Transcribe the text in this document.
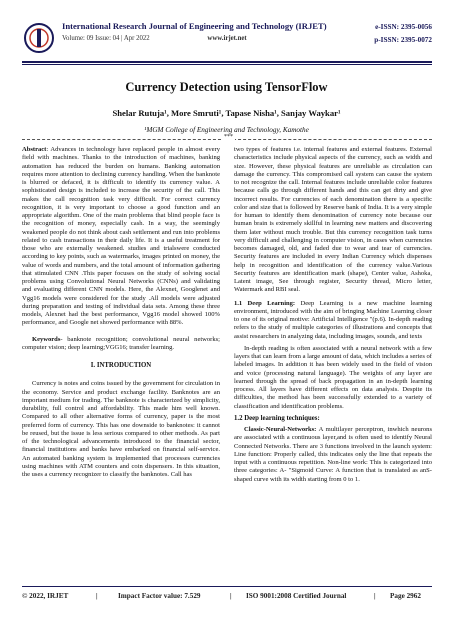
International Research Journal of Engineering and Technology (IRJET)
Volume: 09 Issue: 04 | Apr 2022	www.irjet.net
e-ISSN: 2395-0056
p-ISSN: 2395-0072
Currency Detection using TensorFlow
Shelar Rutuja¹, More Smruti¹, Tapase Nisha¹, Sanjay Waykar¹
¹MGM College of Engineering and Technology, Kamothe
***

Abstract: Advances in technology have replaced people in almost every field with machines. Thanks to the introduction of machines, banking automation has reduced the burden on humans. Banking automation requires more attention to declining currency handling. When the banknote is blurred or defaced, it is difficult to identify its currency value. A sophisticated design is included to increase the security of the call. This makes the call recognition task very difficult. For correct currency recognition, it is very important to choose a good function and an appropriate algorithm. One of the main problems that blind people face is the recognition of money, especially cash. In a way, the seemingly weakened people do not think about cash settlement and run into problems related to cash transactions in their daily life. It is a useful treatment for those who are externally weakened. studies and trialswere conducted according to key points, such as watermarks, images printed on money, the value of words and numbers, and the total amount of information gathering that stimulated CNN .This paper focuses on the study of solving social problems using Convolutional Neural Networks (CNNs) and validating and evaluating different CNN models. Here, the Alexnet, Googlenet and Vgg16 models were considered for the study .All models were adjusted during preparation and testing of individual data sets. Among these three models, Alexnet had the best performance, Vgg16 model showed 100% performance, and Google net showed performance with 88%.

Keywords- banknote recognition; convolutional neural networks; computer vision; deep learning;VGG16; transfer learning.

I. INTRODUCTION

Currency is notes and coins issued by the government for circulation in the economy. Service and product exchange facility. Banknotes are an important medium for trading. The banknote is characterized by simplicity, durability, full control and affordability. This made him well known. Compared to all other alternative forms of currency, paper is the most preferred form of currency. This has one downside to banknotes: it cannot be reused, but the issue is less serious compared to other methods. As part of the technological advancements introduced to the financial sector, financial institutions and banks have embarked on financial self-service. An automated banking system is implemented that processes currencies using machines with ATM counters and coin dispensers. In this situation, the uses a currency recognizer to classify the banknotes. Call has

two types of features i.e. internal features and external features. External characteristics include physical aspects of the currency, such as width and size. However, these physical features are unreliable as circulation can damage the currency. This compromised call system can cause the system to not recognize the call. Internal features include unreliable color features because calls go through different hands and this can get dirty and give incorrect results. For currencies of each denomination there is a specific color and size that is followed by Reserve bank of India. It is a very simple for human to identify them denomination of currency note because our human brain is extremely skillful in learning new matters and discovering them later without much trouble. But this currency recognition task turns very difficult and challenging in computer vision, in cases when currencies becomes damaged, old, and faded due to wear and tear of currencies. Security features are included in every Indian Currency which dispenses help in recognition and identification of the currency value.Various Security features are identification mark (shape), Center value, Ashoka, Latent image, See through register, Security thread, Micro letter, Watermark and RBI seal.

1.1 Deep Learning: Deep Learning is a new machine learning environment, introduced with the aim of bringing Machine Learning closer to one of its original motive: Artificial Intelligence "(p.6). In-depth reading refers to the study of multiple categories of illustrations and concepts that assist researchers in analyzing data, including images, sounds, and texts

In-depth reading is often associated with a neural network with a few layers that can learn from a large amount of data, which includes a series of labeled images. In addition it has been widely used in the field of vision and voice (processing natural language). The weights of any layer are learned through the spread of back propagation in an in-depth learning process. All layers have different effects on data analysis. Despite its difficulties, the method has been successfully extended to a variety of classification and identification problems.

1.2 Deep learning techniques:

Classic-Neural-Networks: A multilayer perceptron, inwhich neurons are associated with a continuous layer,and is often used to identify Neural Connected Networks. There are 3 functions involved in the launch system: Line function: Properly called, this indicates only the line that repeats the input with a continuous repetition. Non-line work: This is categorized into three categories: A- "Sigmoid Curve: A function that is translated as anS- shaped curve with its width starting from 0 to 1.

© 2022, IRJET	|	Impact Factor value: 7.529	| ISO 9001:2008 Certified Journal	| Page 2962
